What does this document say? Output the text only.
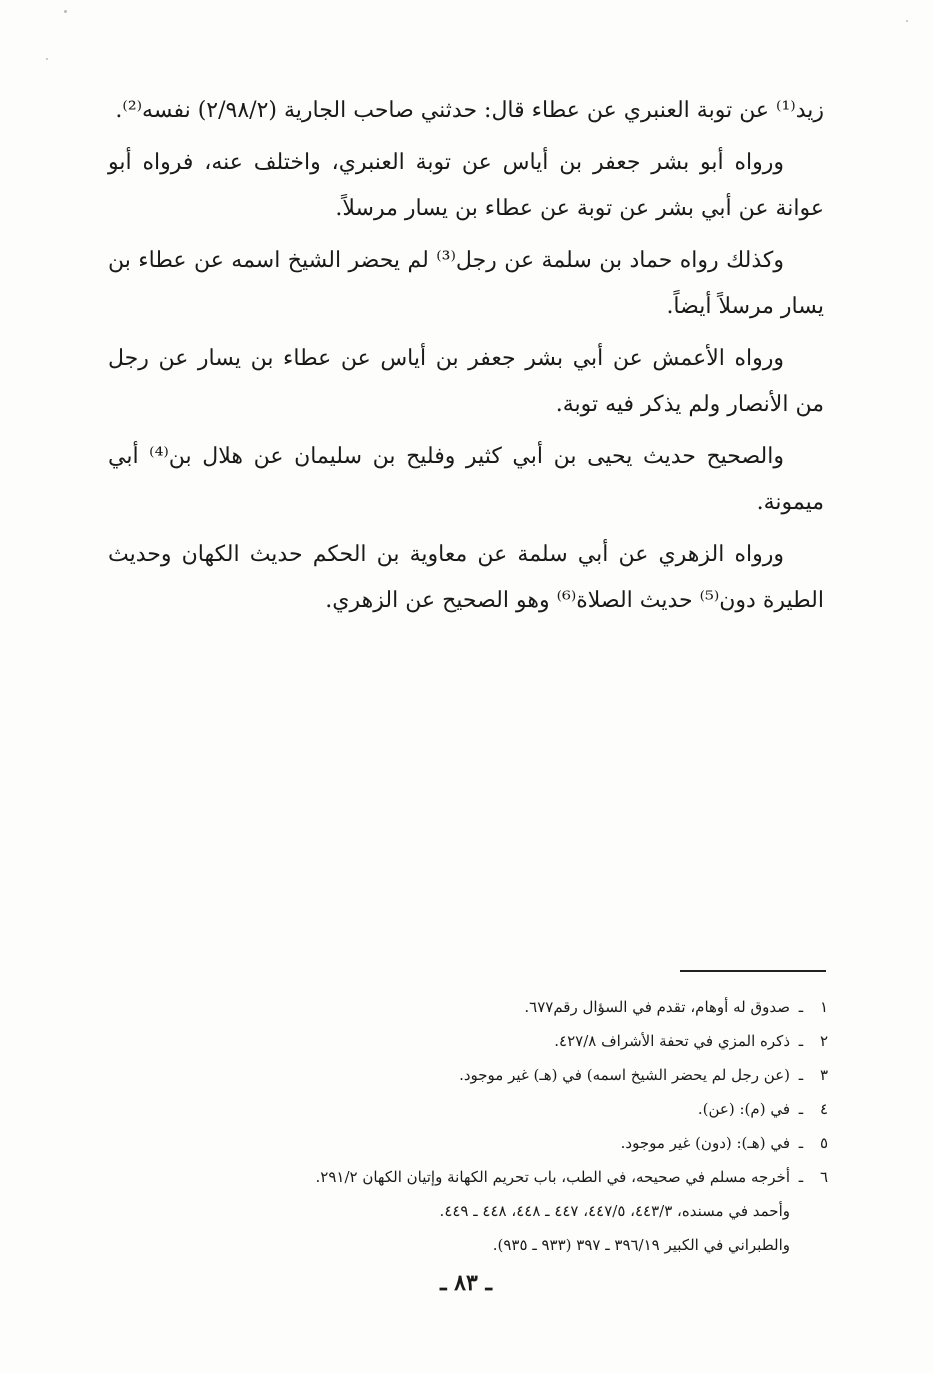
زيد⁽¹⁾ عن توبة العنبري عن عطاء قال: حدثني صاحب الجارية (٢/٩٨/٢) نفسه⁽²⁾.

ورواه أبو بشر جعفر بن أياس عن توبة العنبري، واختلف عنه، فرواه أبو عوانة عن أبي بشر عن توبة عن عطاء بن يسار مرسلاً.

وكذلك رواه حماد بن سلمة عن رجل⁽³⁾ لم يحضر الشيخ اسمه عن عطاء بن يسار مرسلاً أيضاً.

ورواه الأعمش عن أبي بشر جعفر بن أياس عن عطاء بن يسار عن رجل من الأنصار ولم يذكر فيه توبة.

والصحيح حديث يحيى بن أبي كثير وفليح بن سليمان عن هلال بن⁽⁴⁾ أبي ميمونة.

ورواه الزهري عن أبي سلمة عن معاوية بن الحكم حديث الكهان وحديث الطيرة دون⁽⁵⁾ حديث الصلاة⁽⁶⁾ وهو الصحيح عن الزهري.

١ـصدوق له أوهام، تقدم في السؤال رقم٦٧٧.

٢ـذكره المزي في تحفة الأشراف ٤٢٧/٨.

٣ـ(عن رجل لم يحضر الشيخ اسمه) في (هـ) غير موجود.

٤ـفي (م): (عن).

٥ـفي (هـ): (دون) غير موجود.

٦ـأخرجه مسلم في صحيحه، في الطب، باب تحريم الكهانة وإتيان الكهان ٢٩١/٢.

وأحمد في مسنده، ٤٤٣/٣، ٤٤٧/٥، ٤٤٧ ـ ٤٤٨، ٤٤٨ ـ ٤٤٩.

والطبراني في الكبير ٣٩٦/١٩ ـ ٣٩٧ (٩٣٣ ـ ٩٣٥).

ـ ٨٣ ـ
